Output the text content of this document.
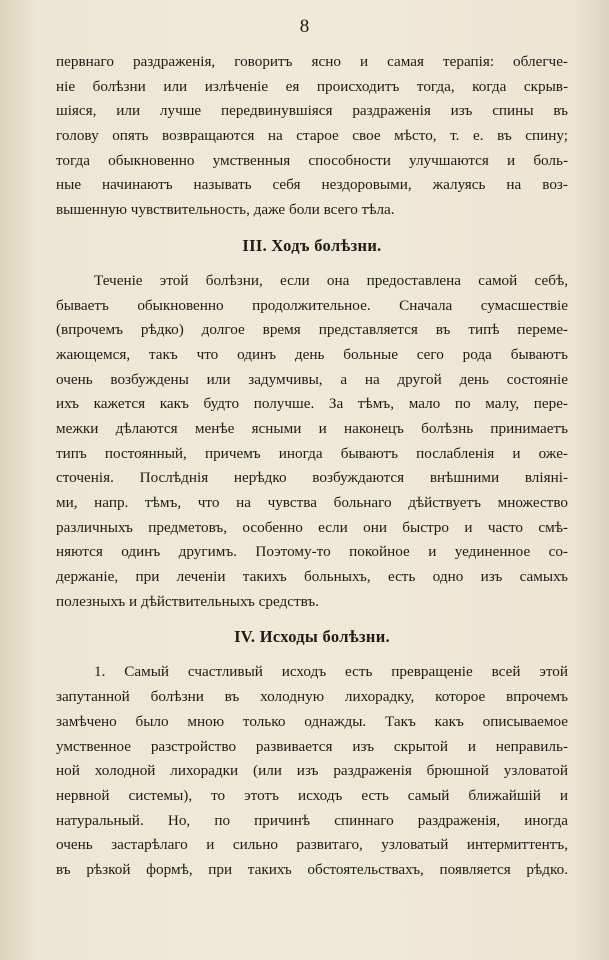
8
первнаго раздраженія, говоритъ ясно и самая терапія: облегче-
ніе болѣзни или излѣченіе ея происходитъ тогда, когда скрыв-
шіяся, или лучше передвинувшіяся раздраженія изъ спины въ
голову опять возвращаются на старое свое мѣсто, т. е. въ спину;
тогда обыкновенно умственныя способности улучшаются и боль-
ные начинаютъ называть себя нездоровыми, жалуясь на воз-
вышенную чувствительность, даже боли всего тѣла.
III. Ходъ болѣзни.
Теченіе этой болѣзни, если она предоставлена самой себѣ,
бываетъ обыкновенно продолжительное. Сначала сумасшествіе
(впрочемъ рѣдко) долгое время представляется въ типѣ переме-
жающемся, такъ что одинъ день больные сего рода бываютъ
очень возбуждены или задумчивы, а на другой день состояніе
ихъ кажется какъ будто получше. За тѣмъ, мало по малу, пере-
межки дѣлаются менѣе ясными и наконецъ болѣзнь принимаетъ
типъ постоянный, причемъ иногда бываютъ послабленія и оже-
сточенія. Послѣднія нерѣдко возбуждаются внѣшними вліяні-
ми, напр. тѣмъ, что на чувства больнаго дѣйствуетъ множество
различныхъ предметовъ, особенно если они быстро и часто смѣ-
няются одинъ другимъ. Поэтому-то покойное и уединенное со-
держаніе, при леченіи такихъ больныхъ, есть одно изъ самыхъ
полезныхъ и дѣйствительныхъ средствъ.
IV. Исходы болѣзни.
1. Самый счастливый исходъ есть превращеніе всей этой
запутанной болѣзни въ холодную лихорадку, которое впрочемъ
замѣчено было мною только однажды. Такъ какъ описываемое
умственное разстройство развивается изъ скрытой и неправиль-
ной холодной лихорадки (или изъ раздраженія брюшной узловатой
нервной системы), то этотъ исходъ есть самый ближайшій и
натуральный. Но, по причинѣ спиннаго раздраженія, иногда
очень застарѣлаго и сильно развитаго, узловатый интермиттентъ,
въ рѣзкой формѣ, при такихъ обстоятельствахъ, появляется рѣдко.
